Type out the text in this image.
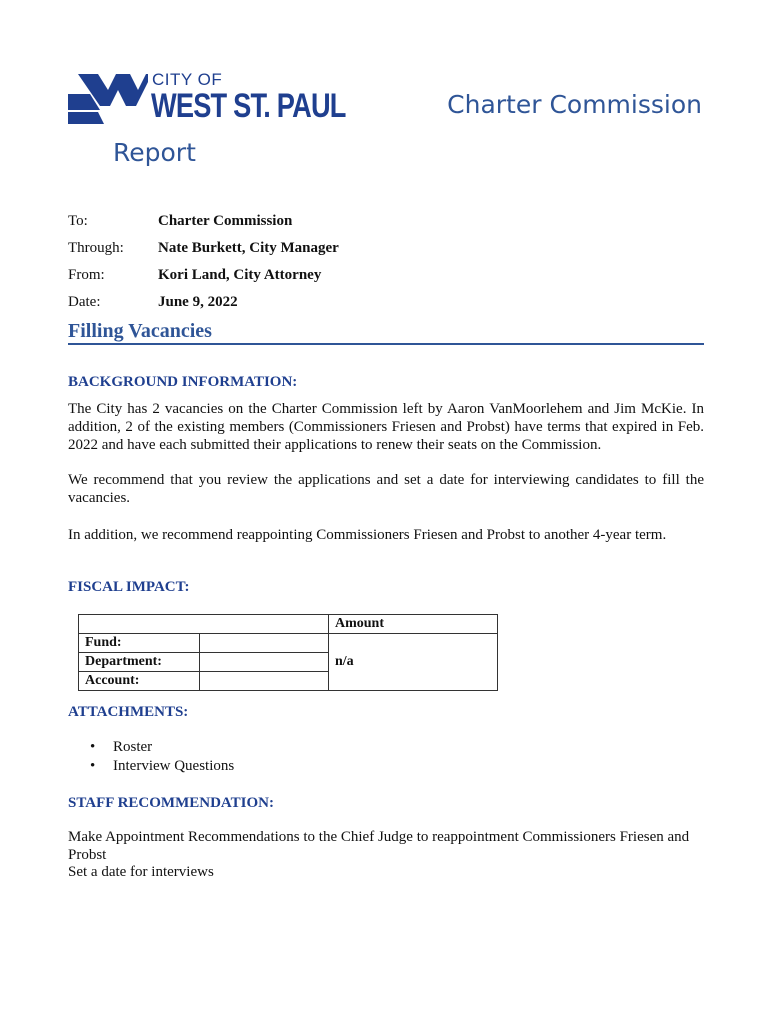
CITY OF
WEST ST. PAUL	Charter Commission
Report
To:	Charter Commission
Through: Nate Burkett, City Manager
From:	Kori Land, City Attorney
Date:	June 9, 2022
Filling Vacancies
BACKGROUND INFORMATION:
The City has 2 vacancies on the Charter Commission left by Aaron VanMoorlehem and Jim McKie. In addition, 2 of the existing members (Commissioners Friesen and Probst) have terms that expired in Feb. 2022 and have each submitted their applications to renew their seats on the Commission.
We recommend that you review the applications and set a date for interviewing candidates to fill the vacancies.
In addition, we recommend reappointing Commissioners Friesen and Probst to another 4-year term.
FISCAL IMPACT:
		Amount
Fund:		n/a
Department:		
Account:		
ATTACHMENTS:
• Roster
• Interview Questions
STAFF RECOMMENDATION:
Make Appointment Recommendations to the Chief Judge to reappointment Commissioners Friesen and Probst
Set a date for interviews
